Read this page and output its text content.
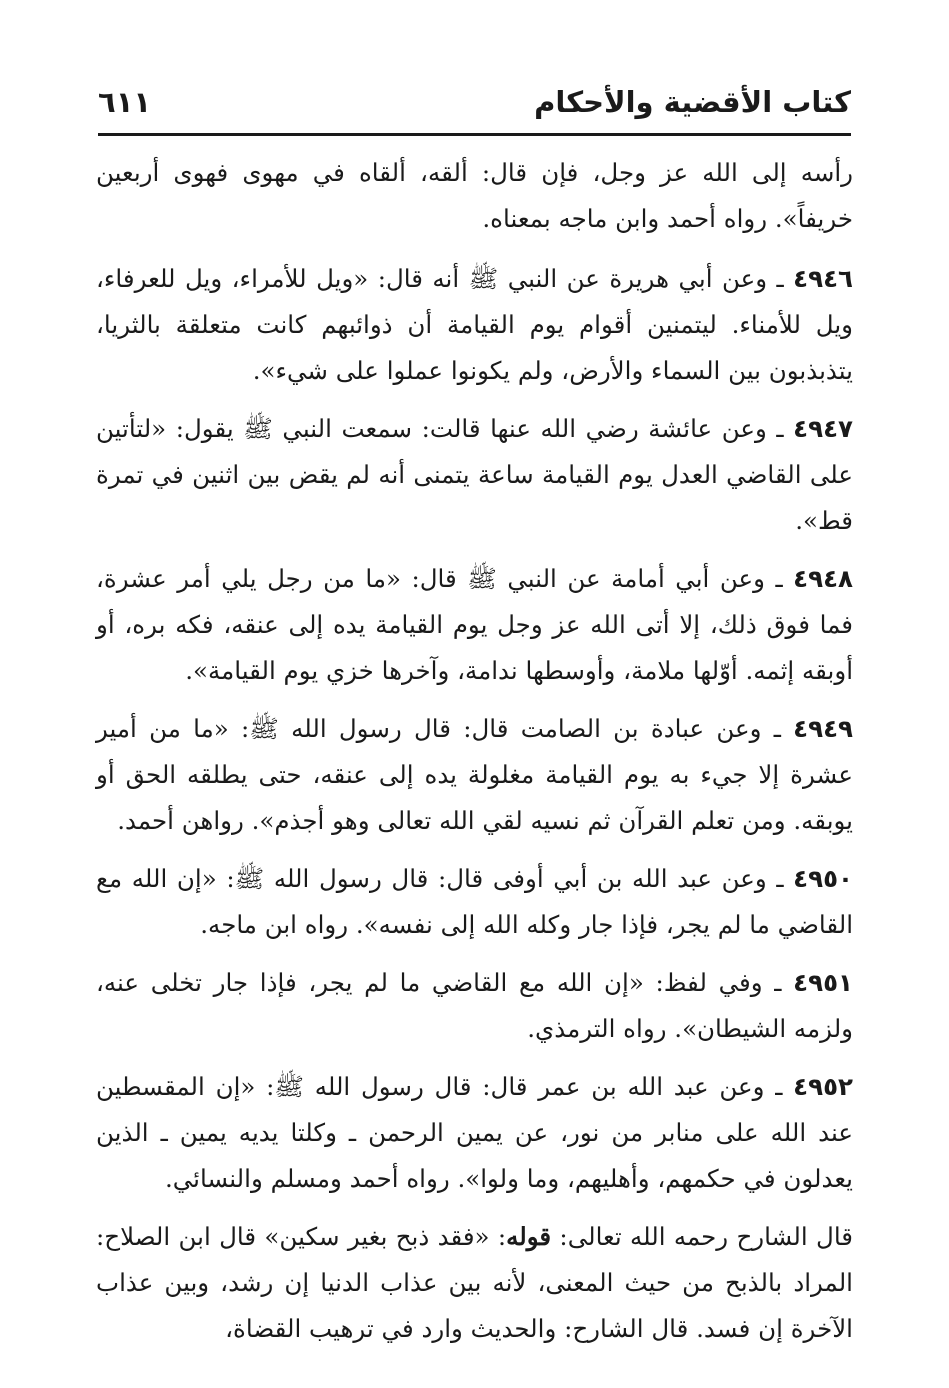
كتاب الأقضية والأحكام
٦١١

رأسه إلى الله عز وجل، فإن قال: ألقه، ألقاه في مهوى فهوى أربعين خريفاً». رواه أحمد وابن ماجه بمعناه.

٤٩٤٦ ـ وعن أبي هريرة عن النبي ﷺ أنه قال: «ويل للأمراء، ويل للعرفاء، ويل للأمناء. ليتمنين أقوام يوم القيامة أن ذوائبهم كانت متعلقة بالثريا، يتذبذبون بين السماء والأرض، ولم يكونوا عملوا على شيء».

٤٩٤٧ ـ وعن عائشة رضي الله عنها قالت: سمعت النبي ﷺ يقول: «لتأتين على القاضي العدل يوم القيامة ساعة يتمنى أنه لم يقض بين اثنين في تمرة قط».

٤٩٤٨ ـ وعن أبي أمامة عن النبي ﷺ قال: «ما من رجل يلي أمر عشرة، فما فوق ذلك، إلا أتى الله عز وجل يوم القيامة يده إلى عنقه، فكه بره، أو أوبقه إثمه. أوّلها ملامة، وأوسطها ندامة، وآخرها خزي يوم القيامة».

٤٩٤٩ ـ وعن عبادة بن الصامت قال: قال رسول الله ﷺ: «ما من أمير عشرة إلا جيء به يوم القيامة مغلولة يده إلى عنقه، حتى يطلقه الحق أو يوبقه. ومن تعلم القرآن ثم نسيه لقي الله تعالى وهو أجذم». رواهن أحمد.

٤٩٥٠ ـ وعن عبد الله بن أبي أوفى قال: قال رسول الله ﷺ: «إن الله مع القاضي ما لم يجر، فإذا جار وكله الله إلى نفسه». رواه ابن ماجه.

٤٩٥١ ـ وفي لفظ: «إن الله مع القاضي ما لم يجر، فإذا جار تخلى عنه، ولزمه الشيطان». رواه الترمذي.

٤٩٥٢ ـ وعن عبد الله بن عمر قال: قال رسول الله ﷺ: «إن المقسطين عند الله على منابر من نور، عن يمين الرحمن ـ وكلتا يديه يمين ـ الذين يعدلون في حكمهم، وأهليهم، وما ولوا». رواه أحمد ومسلم والنسائي.

قال الشارح رحمه الله تعالى: قوله: «فقد ذبح بغير سكين» قال ابن الصلاح: المراد بالذبح من حيث المعنى، لأنه بين عذاب الدنيا إن رشد، وبين عذاب الآخرة إن فسد. قال الشارح: والحديث وارد في ترهيب القضاة،
